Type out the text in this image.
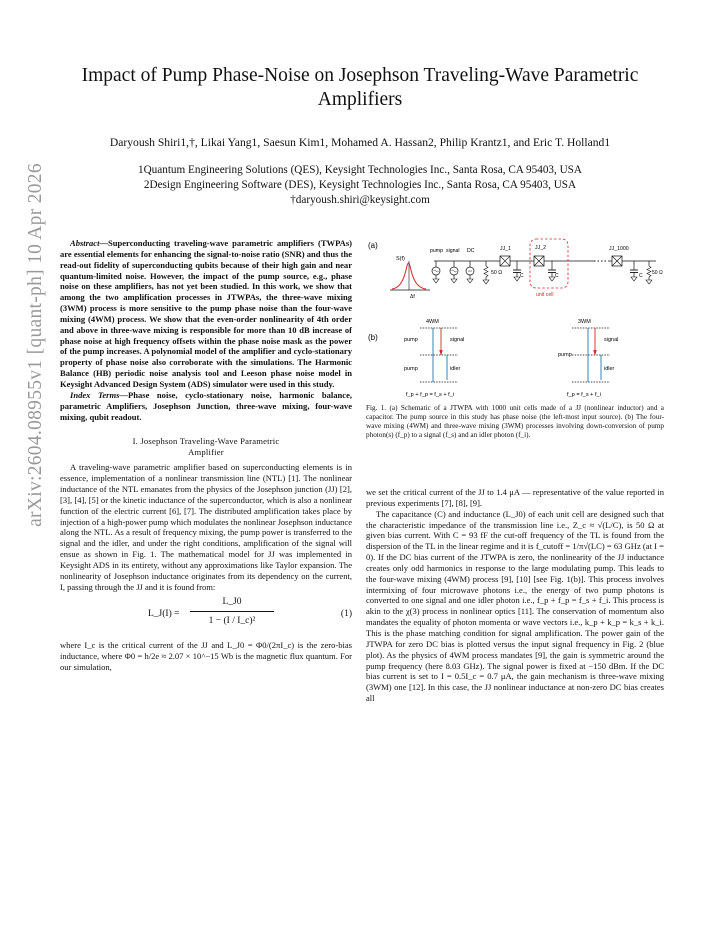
arXiv:2604.08955v1 [quant-ph] 10 Apr 2026
Impact of Pump Phase-Noise on Josephson Traveling-Wave Parametric
Amplifiers
Daryoush Shiri1,†, Likai Yang1, Saesun Kim1, Mohamed A. Hassan2, Philip Krantz1, and Eric T. Holland1
1Quantum Engineering Solutions (QES), Keysight Technologies Inc., Santa Rosa, CA 95403, USA
2Design Engineering Software (DES), Keysight Technologies Inc., Santa Rosa, CA 95403, USA
†daryoush.shiri@keysight.com

Abstract—Superconducting traveling-wave parametric amplifiers (TWPAs) are essential elements for enhancing the signal-to-noise ratio (SNR) and thus the read-out fidelity of superconducting qubits because of their high gain and near quantum-limited noise. However, the impact of the pump source, e.g., phase noise on these amplifiers, has not yet been studied. In this work, we show that among the two amplification processes in JTWPAs, the three-wave mixing (3WM) process is more sensitive to the pump phase noise than the four-wave mixing (4WM) process. We show that the even-order nonlinearity of 4th order and above in three-wave mixing is responsible for more than 10 dB increase of phase noise at high frequency offsets within the phase noise mask as the power of the pump increases. A polynomial model of the amplifier and cyclo-stationary property of phase noise also corroborate with the simulations. The Harmonic Balance (HB) periodic noise analysis tool and Leeson phase noise model in Keysight Advanced Design System (ADS) simulator were used in this study.

Index Terms—Phase noise, cyclo-stationary noise, harmonic balance, parametric Amplifiers, Josephson Junction, three-wave mixing, four-wave mixing, qubit readout.

I. Josephson Traveling-Wave Parametric
Amplifier

A traveling-wave parametric amplifier based on superconducting elements is in essence, implementation of a nonlinear transmission line (NTL) [1]. The nonlinear inductance of the NTL emanates from the physics of the Josephson junction (JJ) [2], [3], [4], [5] or the kinetic inductance of the superconductor, which is also a nonlinear function of the electric current [6], [7]. The distributed amplification takes place by injection of a high-power pump which modulates the nonlinear Josephson inductance along the NTL. As a result of frequency mixing, the pump power is transferred to the signal and the idler, and under the right conditions, amplification of the signal will ensue as shown in Fig. 1. The mathematical model for JJ was implemented in Keysight ADS in its entirety, without any approximations like Taylor expansion. The nonlinearity of Josephson inductance originates from its dependency on the current, I, passing through the JJ and it is found from:

L_J(I) =
L_J0
1 − (I / I_c)²
(1)

where I_c is the critical current of the JJ and L_J0 = Φ0/(2πI_c) is the zero-bias inductance, where Φ0 = h/2e ≈ 2.07 × 10^−15 Wb is the magnetic flux quantum. For our simulation,

(a)
(b)
S(f)
Δf
pump signal DC
50 Ω
JJ_1
C
JJ_2
C
unit cell
JJ_1000
C 50 Ω
4WM
pump
pump
signal
idler
f_p + f_p = f_s + f_i
3WM
pump
signal
idler
f_p = f_s + f_i
Fig. 1. (a) Schematic of a JTWPA with 1000 unit cells made of a JJ (nonlinear inductor) and a capacitor. The pump source in this study has phase noise (the left-most input source). (b) The four-wave mixing (4WM) and three-wave mixing (3WM) processes involving down-conversion of pump photon(s) (f_p) to a signal (f_s) and an idler photon (f_i).

we set the critical current of the JJ to 1.4 μA — representative of the value reported in previous experiments [7], [8], [9].

The capacitance (C) and inductance (L_J0) of each unit cell are designed such that the characteristic impedance of the transmission line i.e., Z_c ≈ √(L/C), is 50 Ω at given bias current. With C = 93 fF the cut-off frequency of the TL is found from the dispersion of the TL in the linear regime and it is f_cutoff = 1/π√(LC) = 63 GHz (at I = 0). If the DC bias current of the JTWPA is zero, the nonlinearity of the JJ inductance creates only odd harmonics in response to the large modulating pump. This leads to the four-wave mixing (4WM) process [9], [10] [see Fig. 1(b)]. This process involves intermixing of four microwave photons i.e., the energy of two pump photons is converted to one signal and one idler photon i.e., f_p + f_p = f_s + f_i. This process is akin to the χ(3) process in nonlinear optics [11]. The conservation of momentum also mandates the equality of photon momenta or wave vectors i.e., k_p + k_p = k_s + k_i. This is the phase matching condition for signal amplification. The power gain of the JTWPA for zero DC bias is plotted versus the input signal frequency in Fig. 2 (blue plot). As the physics of 4WM process mandates [9], the gain is symmetric around the pump frequency (here 8.03 GHz). The signal power is fixed at −150 dBm. If the DC bias current is set to I = 0.5I_c = 0.7 μA, the gain mechanism is three-wave mixing (3WM) one [12]. In this case, the JJ nonlinear inductance at non-zero DC bias creates all
